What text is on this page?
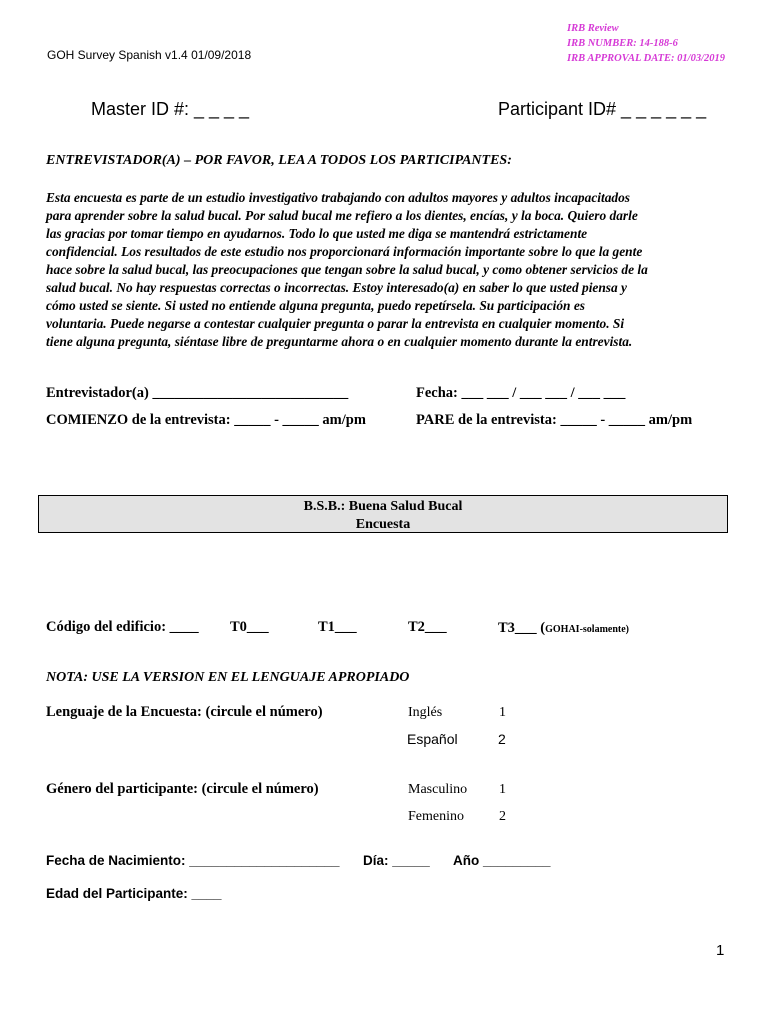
GOH Survey Spanish v1.4 01/09/2018
IRB Review
IRB NUMBER: 14-188-6
IRB APPROVAL DATE: 01/03/2019
Master ID #: _ _ _ _	Participant ID# _ _ _ _ _ _
ENTREVISTADOR(A) – POR FAVOR, LEA A TODOS LOS PARTICIPANTES:
Esta encuesta es parte de un estudio investigativo trabajando con adultos mayores y adultos incapacitados
para aprender sobre la salud bucal. Por salud bucal me refiero a los dientes, encías, y la boca. Quiero darle
las gracias por tomar tiempo en ayudarnos. Todo lo que usted me diga se mantendrá estrictamente
confidencial. Los resultados de este estudio nos proporcionará información importante sobre lo que la gente
hace sobre la salud bucal, las preocupaciones que tengan sobre la salud bucal, y como obtener servicios de la
salud bucal. No hay respuestas correctas o incorrectas. Estoy interesado(a) en saber lo que usted piensa y
cómo usted se siente. Si usted no entiende alguna pregunta, puedo repetírsela. Su participación es
voluntaria. Puede negarse a contestar cualquier pregunta o parar la entrevista en cualquier momento. Si
tiene alguna pregunta, siéntase libre de preguntarme ahora o en cualquier momento durante la entrevista.
Entrevistador(a) ___________________________	Fecha: ___ ___ / ___ ___ / ___ ___
COMIENZO de la entrevista: _____ - _____ am/pm	PARE de la entrevista: _____ - _____ am/pm
B.S.B.: Buena Salud Bucal
Encuesta
Código del edificio: ____ T0___	T1___	T2___	T3___ (GOHAI-solamente)
NOTA: USE LA VERSION EN EL LENGUAJE APROPIADO
Lenguaje de la Encuesta: (circule el número)	Inglés	1
Español	2
Género del participante: (circule el número)	Masculino 1
Femenino	2
Fecha de Nacimiento: ____________________ Día: _____ Año _________
Edad del Participante: ____
1
